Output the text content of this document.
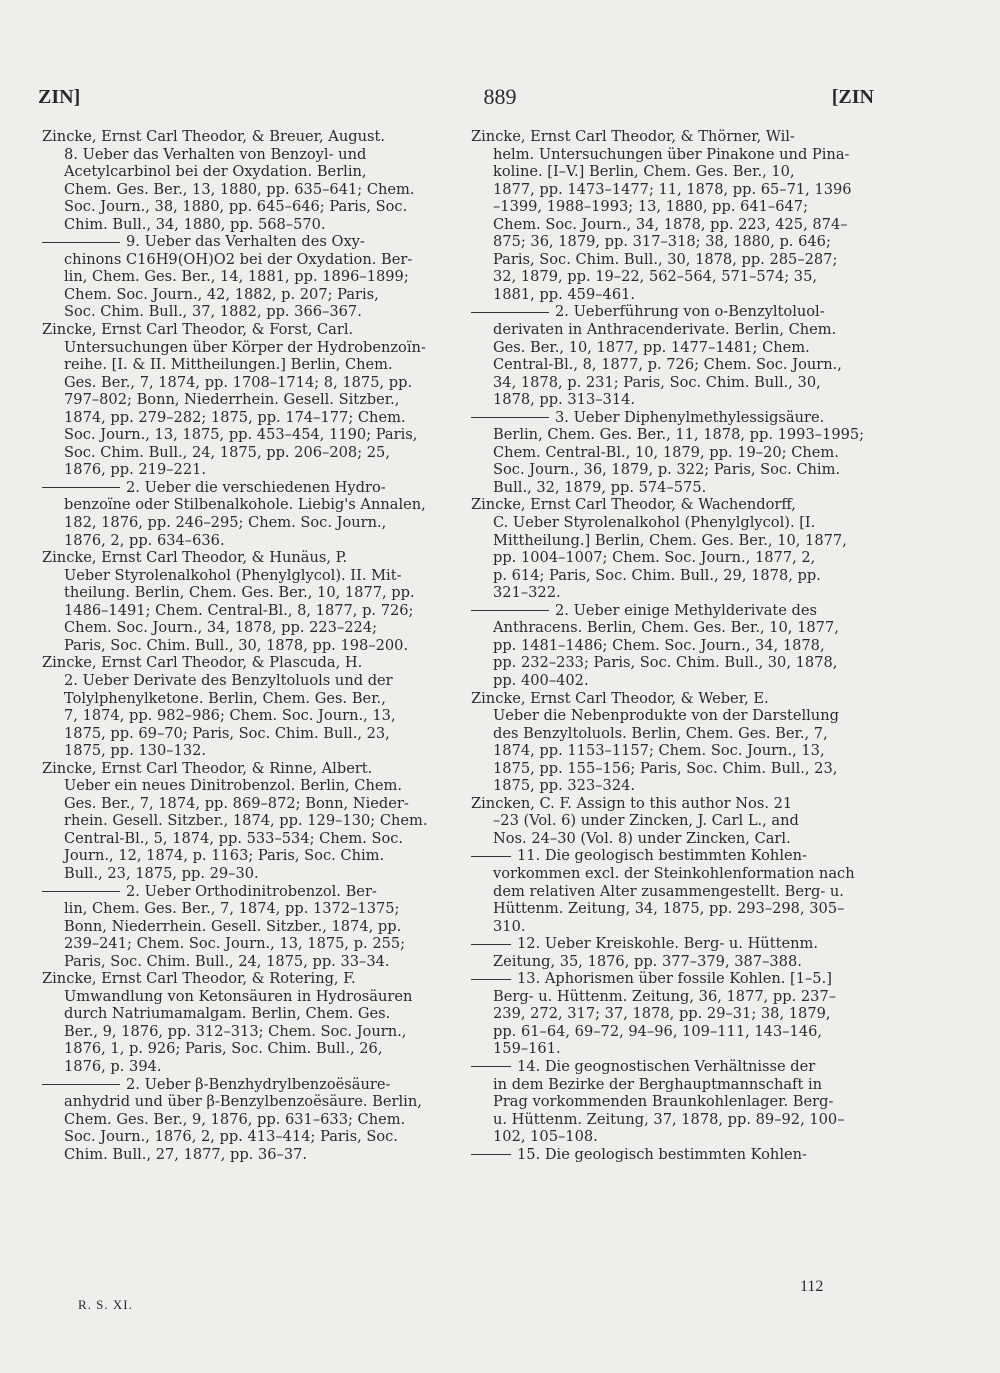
ZIN]	889	[ZIN
Zincke, Ernst Carl Theodor, & Breuer, August.
8. Ueber das Verhalten von Benzoyl- und
Acetylcarbinol bei der Oxydation. Berlin,
Chem. Ges. Ber., 13, 1880, pp. 635–641; Chem.
Soc. Journ., 38, 1880, pp. 645–646; Paris, Soc.
Chim. Bull., 34, 1880, pp. 568–570.
9. Ueber das Verhalten des Oxy-
chinons C16H9(OH)O2 bei der Oxydation. Ber-
lin, Chem. Ges. Ber., 14, 1881, pp. 1896–1899;
Chem. Soc. Journ., 42, 1882, p. 207; Paris,
Soc. Chim. Bull., 37, 1882, pp. 366–367.
Zincke, Ernst Carl Theodor, & Forst, Carl.
Untersuchungen über Körper der Hydrobenzoïn-
reihe. [I. & II. Mittheilungen.] Berlin, Chem.
Ges. Ber., 7, 1874, pp. 1708–1714; 8, 1875, pp.
797–802; Bonn, Niederrhein. Gesell. Sitzber.,
1874, pp. 279–282; 1875, pp. 174–177; Chem.
Soc. Journ., 13, 1875, pp. 453–454, 1190; Paris,
Soc. Chim. Bull., 24, 1875, pp. 206–208; 25,
1876, pp. 219–221.
2. Ueber die verschiedenen Hydro-
benzoïne oder Stilbenalkohole. Liebig's Annalen,
182, 1876, pp. 246–295; Chem. Soc. Journ.,
1876, 2, pp. 634–636.
Zincke, Ernst Carl Theodor, & Hunäus, P.
Ueber Styrolenalkohol (Phenylglycol). II. Mit-
theilung. Berlin, Chem. Ges. Ber., 10, 1877, pp.
1486–1491; Chem. Central-Bl., 8, 1877, p. 726;
Chem. Soc. Journ., 34, 1878, pp. 223–224;
Paris, Soc. Chim. Bull., 30, 1878, pp. 198–200.
Zincke, Ernst Carl Theodor, & Plascuda, H.
2. Ueber Derivate des Benzyltoluols und der
Tolylphenylketone. Berlin, Chem. Ges. Ber.,
7, 1874, pp. 982–986; Chem. Soc. Journ., 13,
1875, pp. 69–70; Paris, Soc. Chim. Bull., 23,
1875, pp. 130–132.
Zincke, Ernst Carl Theodor, & Rinne, Albert.
Ueber ein neues Dinitrobenzol. Berlin, Chem.
Ges. Ber., 7, 1874, pp. 869–872; Bonn, Nieder-
rhein. Gesell. Sitzber., 1874, pp. 129–130; Chem.
Central-Bl., 5, 1874, pp. 533–534; Chem. Soc.
Journ., 12, 1874, p. 1163; Paris, Soc. Chim.
Bull., 23, 1875, pp. 29–30.
2. Ueber Orthodinitrobenzol. Ber-
lin, Chem. Ges. Ber., 7, 1874, pp. 1372–1375;
Bonn, Niederrhein. Gesell. Sitzber., 1874, pp.
239–241; Chem. Soc. Journ., 13, 1875, p. 255;
Paris, Soc. Chim. Bull., 24, 1875, pp. 33–34.
Zincke, Ernst Carl Theodor, & Rotering, F.
Umwandlung von Ketonsäuren in Hydrosäuren
durch Natriumamalgam. Berlin, Chem. Ges.
Ber., 9, 1876, pp. 312–313; Chem. Soc. Journ.,
1876, 1, p. 926; Paris, Soc. Chim. Bull., 26,
1876, p. 394.
2. Ueber β-Benzhydrylbenzoësäure-
anhydrid und über β-Benzylbenzoësäure. Berlin,
Chem. Ges. Ber., 9, 1876, pp. 631–633; Chem.
Soc. Journ., 1876, 2, pp. 413–414; Paris, Soc.
Chim. Bull., 27, 1877, pp. 36–37.
Zincke, Ernst Carl Theodor, & Thörner, Wil-
helm. Untersuchungen über Pinakone und Pina-
koline. [I–V.] Berlin, Chem. Ges. Ber., 10,
1877, pp. 1473–1477; 11, 1878, pp. 65–71, 1396
–1399, 1988–1993; 13, 1880, pp. 641–647;
Chem. Soc. Journ., 34, 1878, pp. 223, 425, 874–
875; 36, 1879, pp. 317–318; 38, 1880, p. 646;
Paris, Soc. Chim. Bull., 30, 1878, pp. 285–287;
32, 1879, pp. 19–22, 562–564, 571–574; 35,
1881, pp. 459–461.
2. Ueberführung von o-Benzyltoluol-
derivaten in Anthracenderivate. Berlin, Chem.
Ges. Ber., 10, 1877, pp. 1477–1481; Chem.
Central-Bl., 8, 1877, p. 726; Chem. Soc. Journ.,
34, 1878, p. 231; Paris, Soc. Chim. Bull., 30,
1878, pp. 313–314.
3. Ueber Diphenylmethylessigsäure.
Berlin, Chem. Ges. Ber., 11, 1878, pp. 1993–1995;
Chem. Central-Bl., 10, 1879, pp. 19–20; Chem.
Soc. Journ., 36, 1879, p. 322; Paris, Soc. Chim.
Bull., 32, 1879, pp. 574–575.
Zincke, Ernst Carl Theodor, & Wachendorff,
C. Ueber Styrolenalkohol (Phenylglycol). [I.
Mittheilung.] Berlin, Chem. Ges. Ber., 10, 1877,
pp. 1004–1007; Chem. Soc. Journ., 1877, 2,
p. 614; Paris, Soc. Chim. Bull., 29, 1878, pp.
321–322.
2. Ueber einige Methylderivate des
Anthracens. Berlin, Chem. Ges. Ber., 10, 1877,
pp. 1481–1486; Chem. Soc. Journ., 34, 1878,
pp. 232–233; Paris, Soc. Chim. Bull., 30, 1878,
pp. 400–402.
Zincke, Ernst Carl Theodor, & Weber, E.
Ueber die Nebenprodukte von der Darstellung
des Benzyltoluols. Berlin, Chem. Ges. Ber., 7,
1874, pp. 1153–1157; Chem. Soc. Journ., 13,
1875, pp. 155–156; Paris, Soc. Chim. Bull., 23,
1875, pp. 323–324.
Zincken, C. F. Assign to this author Nos. 21
–23 (Vol. 6) under Zincken, J. Carl L., and
Nos. 24–30 (Vol. 8) under Zincken, Carl.
11. Die geologisch bestimmten Kohlen-
vorkommen excl. der Steinkohlenformation nach
dem relativen Alter zusammengestellt. Berg- u.
Hüttenm. Zeitung, 34, 1875, pp. 293–298, 305–
310.
12. Ueber Kreiskohle. Berg- u. Hüttenm.
Zeitung, 35, 1876, pp. 377–379, 387–388.
13. Aphorismen über fossile Kohlen. [1–5.]
Berg- u. Hüttenm. Zeitung, 36, 1877, pp. 237–
239, 272, 317; 37, 1878, pp. 29–31; 38, 1879,
pp. 61–64, 69–72, 94–96, 109–111, 143–146,
159–161.
14. Die geognostischen Verhältnisse der
in dem Bezirke der Berghauptmannschaft in
Prag vorkommenden Braunkohlenlager. Berg-
u. Hüttenm. Zeitung, 37, 1878, pp. 89–92, 100–
102, 105–108.
15. Die geologisch bestimmten Kohlen-
R. S. XI.
112
